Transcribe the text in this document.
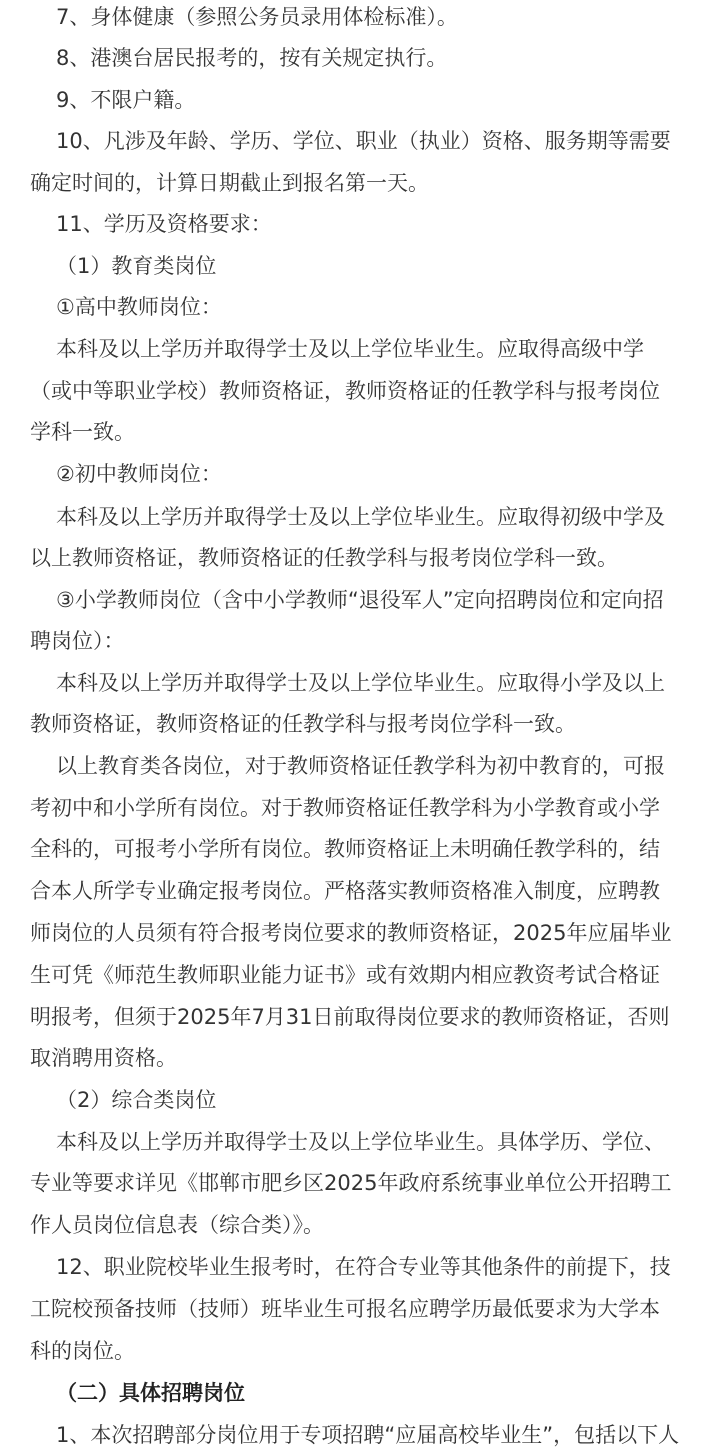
7、身体健康（参照公务员录用体检标准）。
8、港澳台居民报考的，按有关规定执行。
9、不限户籍。
10、凡涉及年龄、学历、学位、职业（执业）资格、服务期等需要
确定时间的，计算日期截止到报名第一天。
11、学历及资格要求：
（1）教育类岗位
①高中教师岗位：
本科及以上学历并取得学士及以上学位毕业生。应取得高级中学
（或中等职业学校）教师资格证，教师资格证的任教学科与报考岗位
学科一致。
②初中教师岗位：
本科及以上学历并取得学士及以上学位毕业生。应取得初级中学及
以上教师资格证，教师资格证的任教学科与报考岗位学科一致。
③小学教师岗位（含中小学教师“退役军人”定向招聘岗位和定向招
聘岗位）：
本科及以上学历并取得学士及以上学位毕业生。应取得小学及以上
教师资格证，教师资格证的任教学科与报考岗位学科一致。
以上教育类各岗位，对于教师资格证任教学科为初中教育的，可报
考初中和小学所有岗位。对于教师资格证任教学科为小学教育或小学
全科的，可报考小学所有岗位。教师资格证上未明确任教学科的，结
合本人所学专业确定报考岗位。严格落实教师资格准入制度，应聘教
师岗位的人员须有符合报考岗位要求的教师资格证，2025年应届毕业
生可凭《师范生教师职业能力证书》或有效期内相应教资考试合格证
明报考，但须于2025年7月31日前取得岗位要求的教师资格证，否则
取消聘用资格。
（2）综合类岗位
本科及以上学历并取得学士及以上学位毕业生。具体学历、学位、
专业等要求详见《邯郸市肥乡区2025年政府系统事业单位公开招聘工
作人员岗位信息表（综合类）》。
12、职业院校毕业生报考时，在符合专业等其他条件的前提下，技
工院校预备技师（技师）班毕业生可报名应聘学历最低要求为大学本
科的岗位。
（二）具体招聘岗位
1、本次招聘部分岗位用于专项招聘“应届高校毕业生”，包括以下人
